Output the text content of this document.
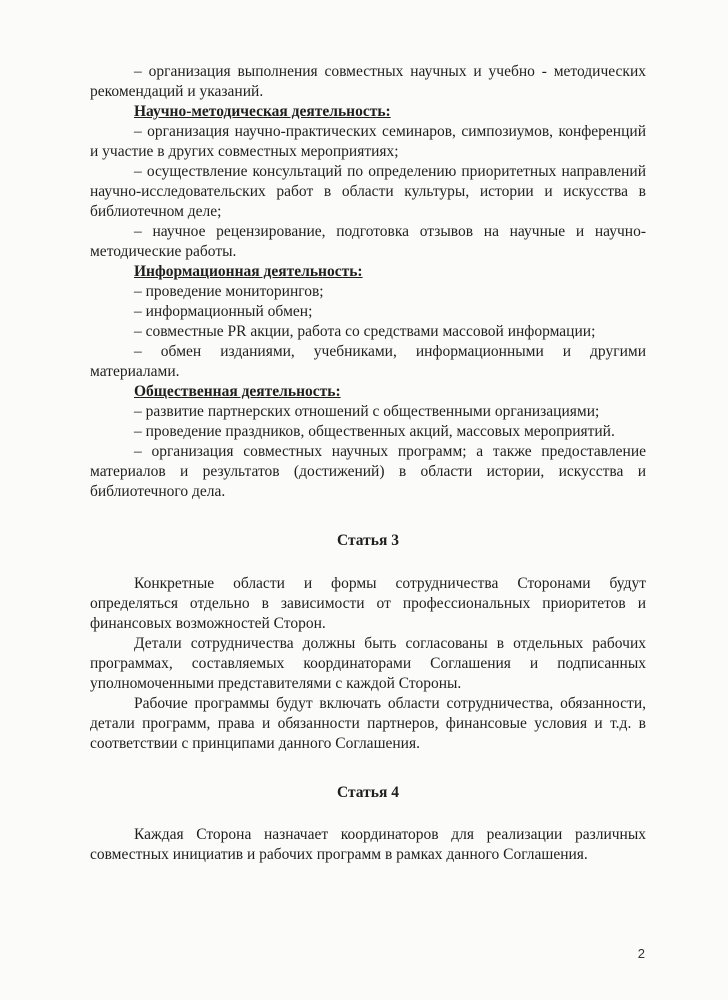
– организация выполнения совместных научных и учебно - методических рекомендаций и указаний.

Научно-методическая деятельность:

– организация научно-практических семинаров, симпозиумов, конференций и участие в других совместных мероприятиях;

– осуществление консультаций по определению приоритетных направлений научно-исследовательских работ в области культуры, истории и искусства в библиотечном деле;

– научное рецензирование, подготовка отзывов на научные и научно-методические работы.

Информационная деятельность:

– проведение мониторингов;

– информационный обмен;

– совместные PR акции, работа со средствами массовой информации;

– обмен изданиями, учебниками, информационными и другими материалами.

Общественная деятельность:

– развитие партнерских отношений с общественными организациями;

– проведение праздников, общественных акций, массовых мероприятий.

– организация совместных научных программ; а также предоставление материалов и результатов (достижений) в области истории, искусства и библиотечного дела.

Статья 3

Конкретные области и формы сотрудничества Сторонами будут определяться отдельно в зависимости от профессиональных приоритетов и финансовых возможностей Сторон.

Детали сотрудничества должны быть согласованы в отдельных рабочих программах, составляемых координаторами Соглашения и подписанных уполномоченными представителями с каждой Стороны.

Рабочие программы будут включать области сотрудничества, обязанности, детали программ, права и обязанности партнеров, финансовые условия и т.д. в соответствии с принципами данного Соглашения.

Статья 4

Каждая Сторона назначает координаторов для реализации различных совместных инициатив и рабочих программ в рамках данного Соглашения.

2
